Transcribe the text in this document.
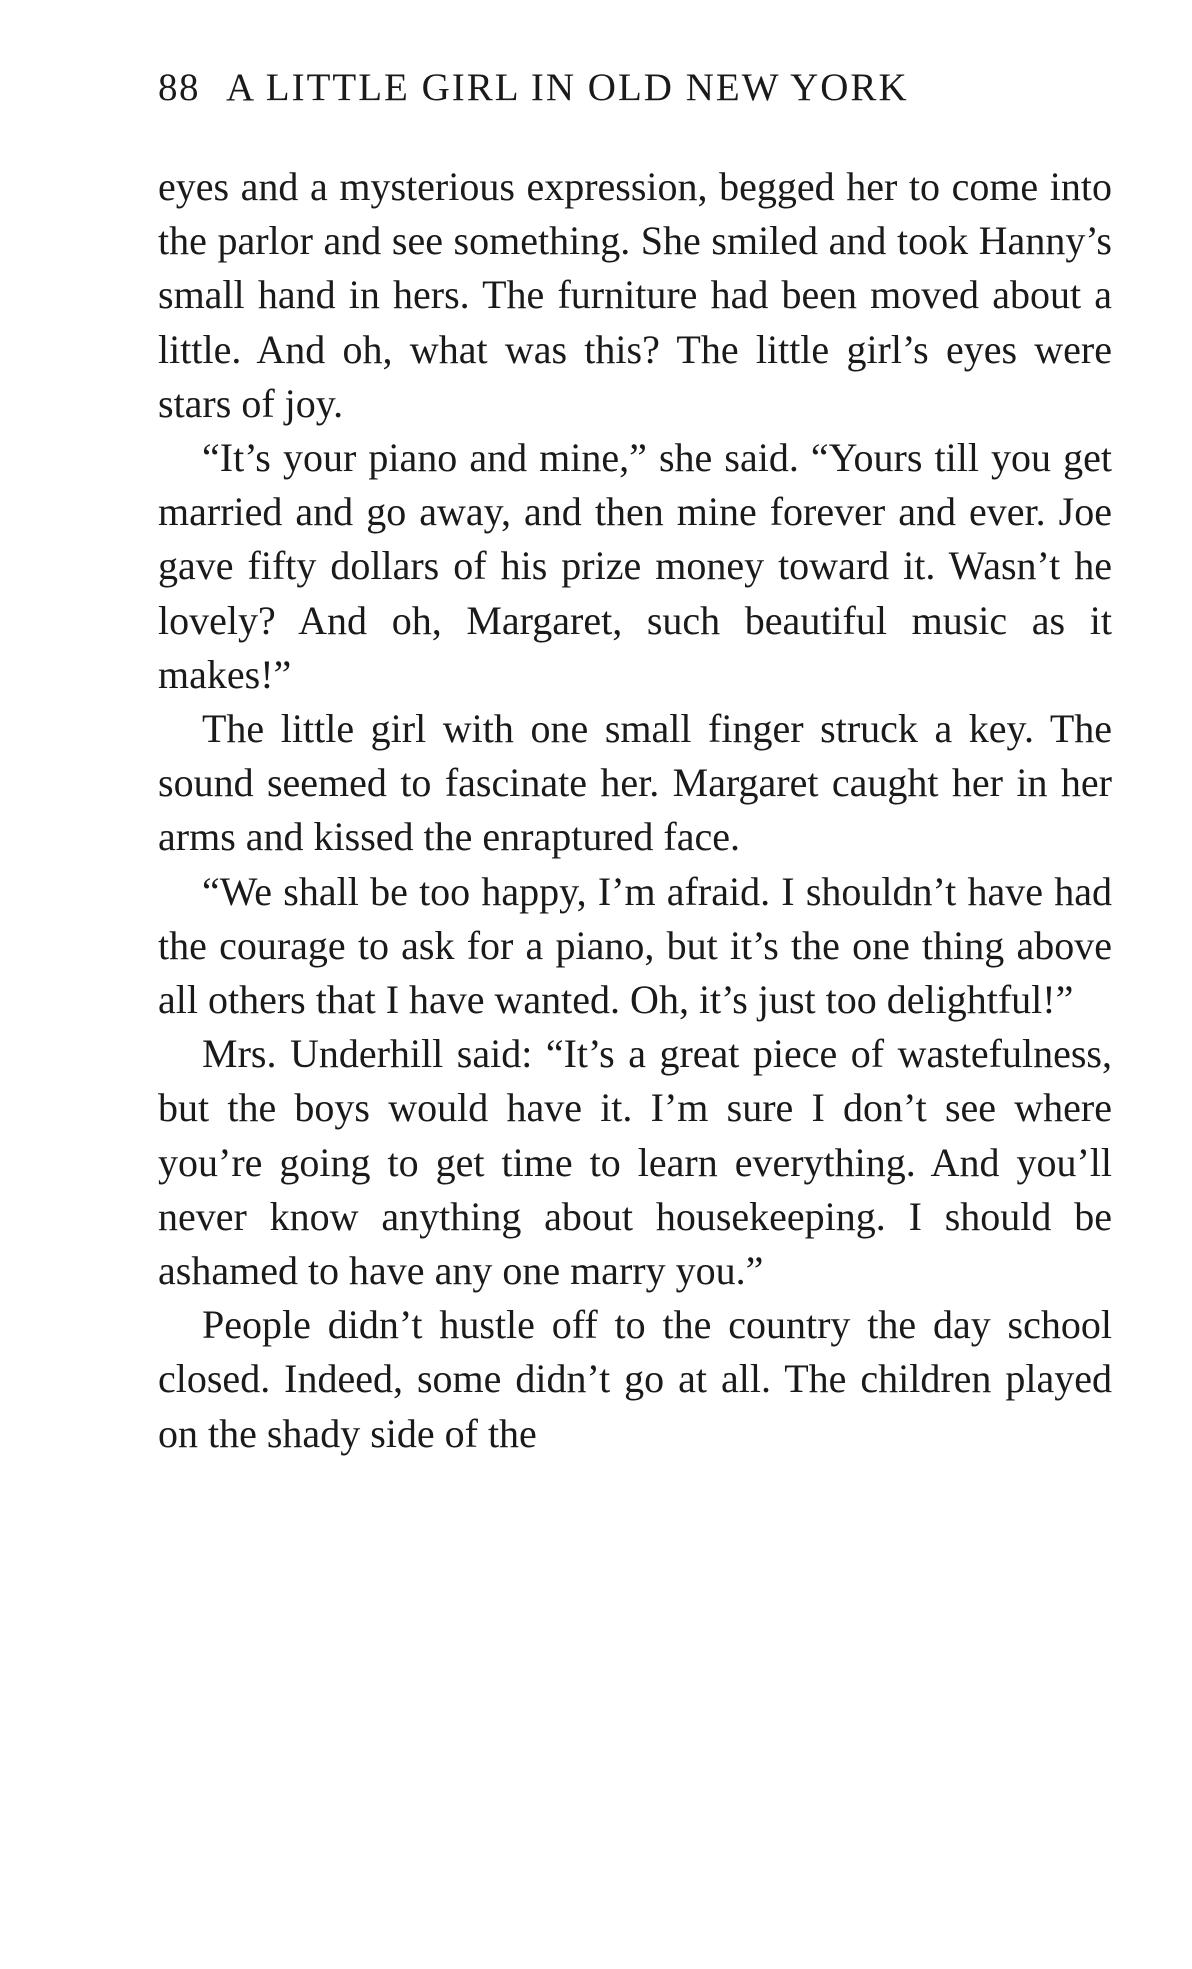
88 A LITTLE GIRL IN OLD NEW YORK

eyes and a mysterious expression, begged her to come into the parlor and see something. She smiled and took Hanny’s small hand in hers. The furniture had been moved about a little. And oh, what was this? The little girl’s eyes were stars of joy.

“It’s your piano and mine,” she said. “Yours till you get married and go away, and then mine forever and ever. Joe gave fifty dollars of his prize money toward it. Wasn’t he lovely? And oh, Margaret, such beautiful music as it makes!”

The little girl with one small finger struck a key. The sound seemed to fascinate her. Margaret caught her in her arms and kissed the enraptured face.

“We shall be too happy, I’m afraid. I shouldn’t have had the courage to ask for a piano, but it’s the one thing above all others that I have wanted. Oh, it’s just too delightful!”

Mrs. Underhill said: “It’s a great piece of wastefulness, but the boys would have it. I’m sure I don’t see where you’re going to get time to learn everything. And you’ll never know anything about housekeeping. I should be ashamed to have any one marry you.”

People didn’t hustle off to the country the day school closed. Indeed, some didn’t go at all. The children played on the shady side of the
